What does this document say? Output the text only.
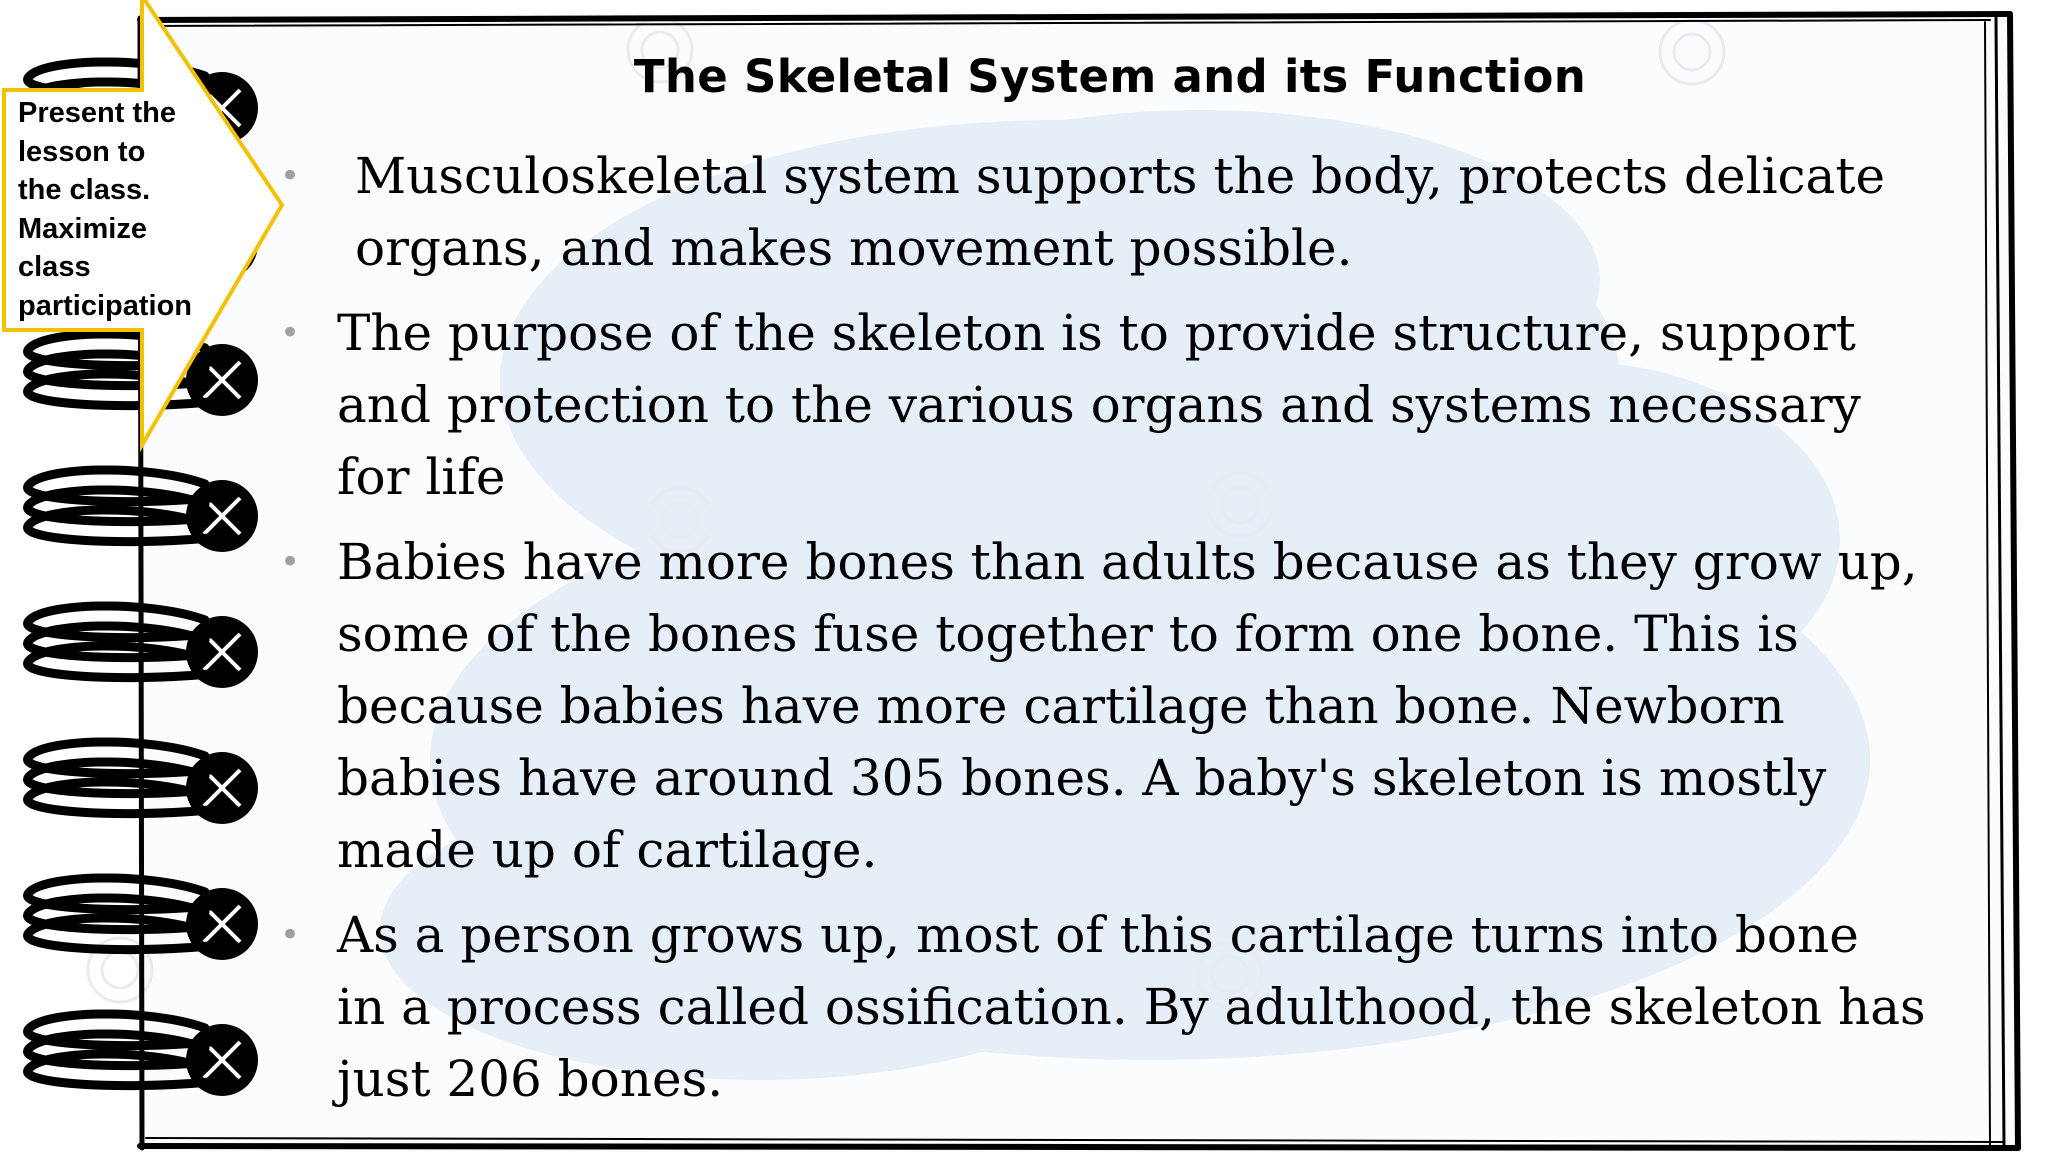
Present the
lesson to
the class.
Maximize
class
participation
The Skeletal System and its Function
• Musculoskeletal system supports the body, protects delicate
organs, and makes movement possible.
• The purpose of the skeleton is to provide structure, support
and protection to the various organs and systems necessary
for life
• Babies have more bones than adults because as they grow up,
some of the bones fuse together to form one bone. This is
because babies have more cartilage than bone. Newborn
babies have around 305 bones. A baby's skeleton is mostly
made up of cartilage.
• As a person grows up, most of this cartilage turns into bone
in a process called ossification. By adulthood, the skeleton has
just 206 bones.
